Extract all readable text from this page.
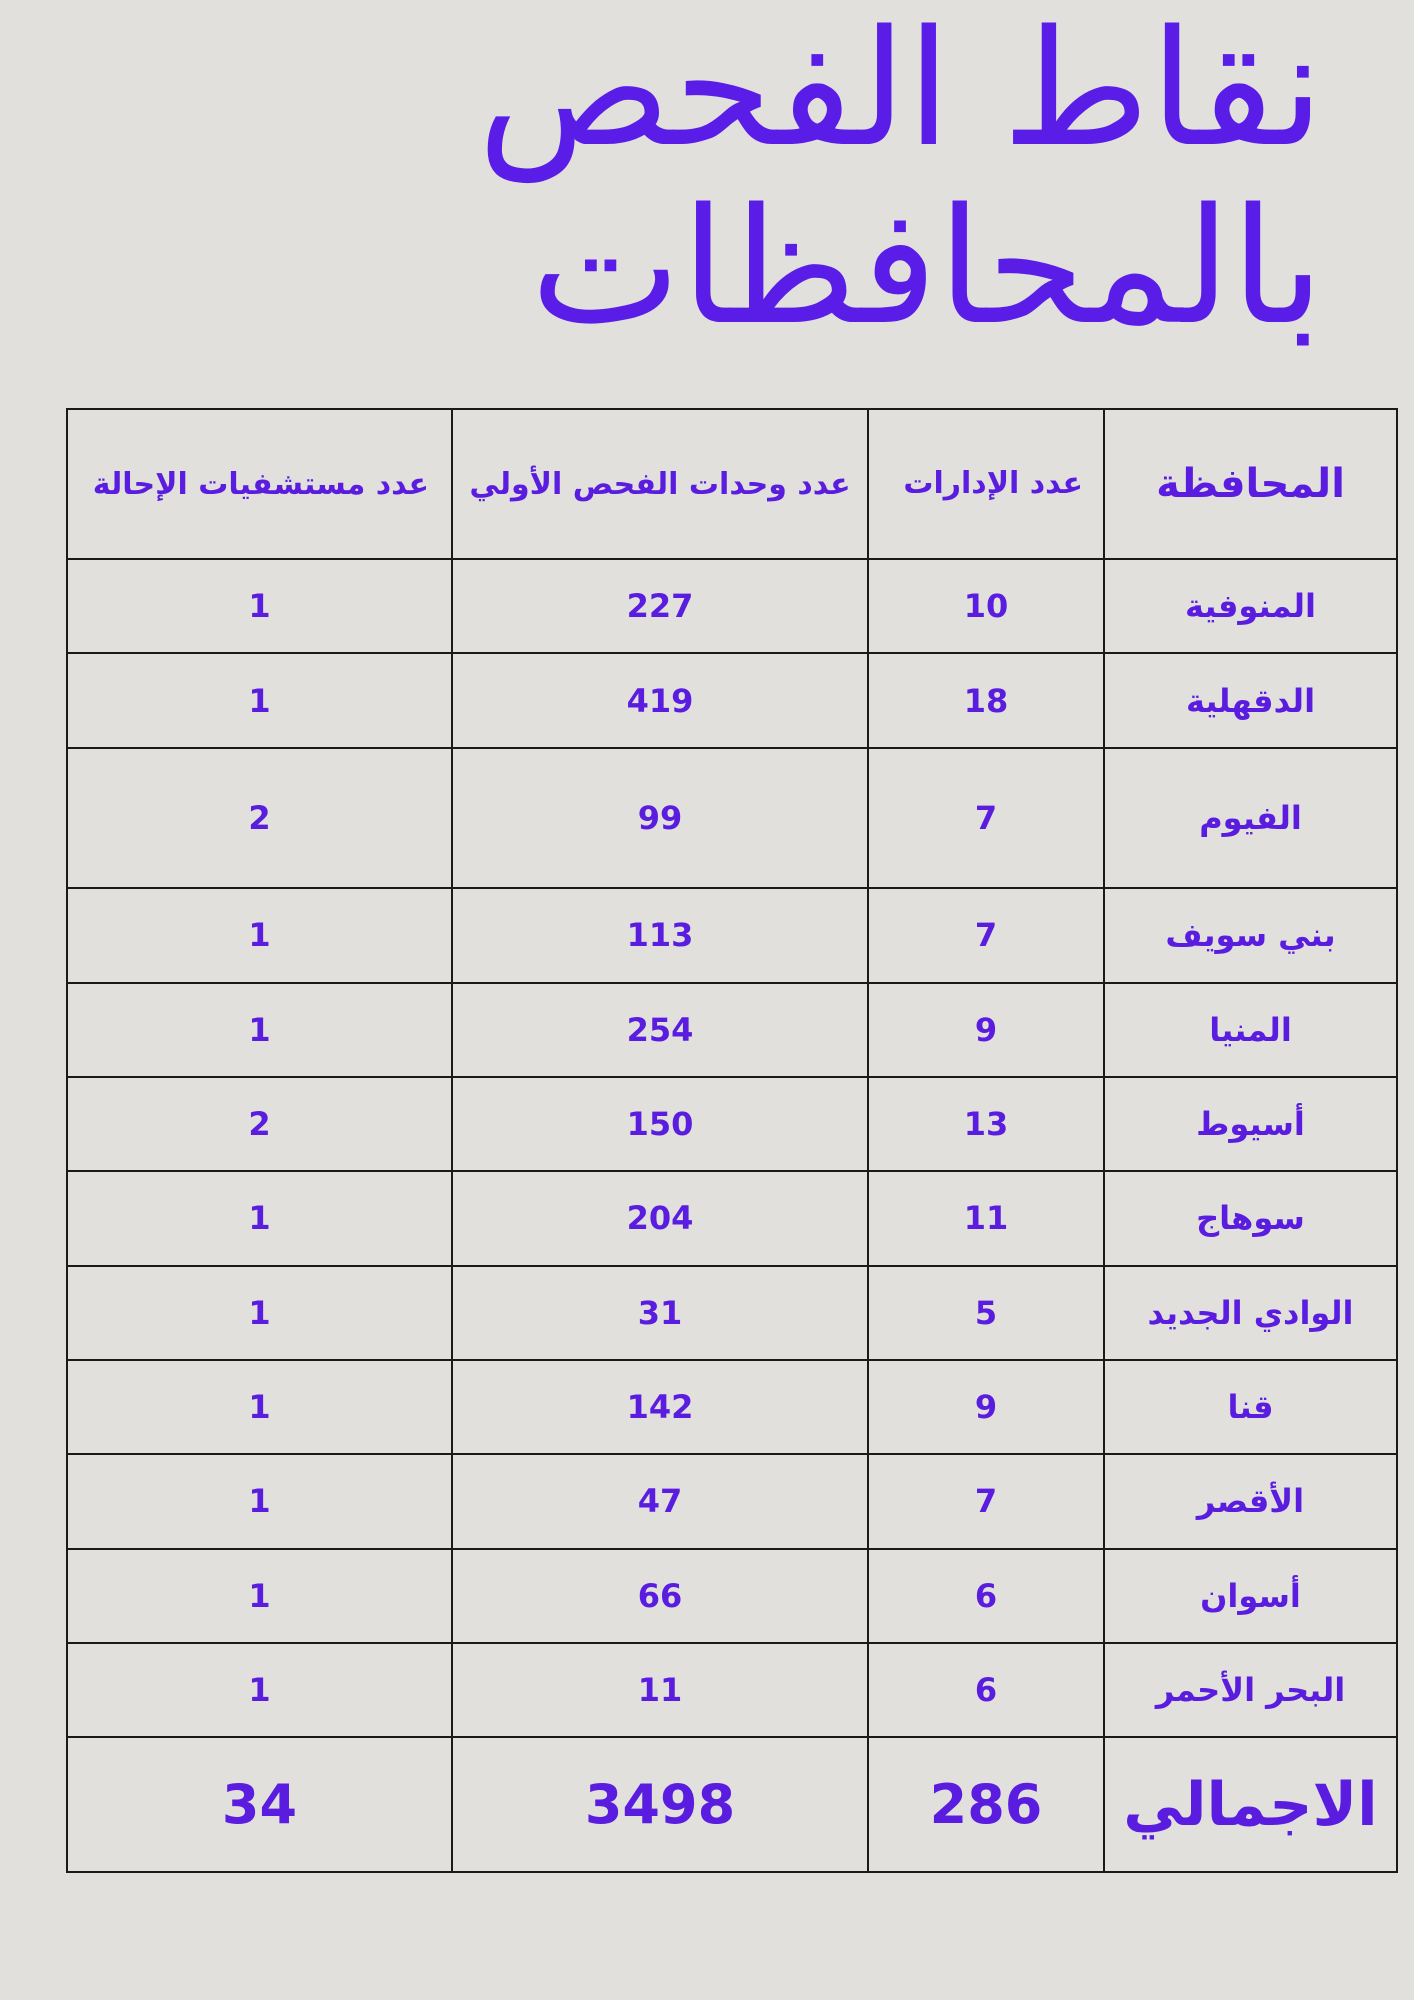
نقاط الفحص
بالمحافظات
المحافظة	عدد الإدارات	عدد وحدات الفحص الأولي	عدد مستشفيات الإحالة
المنوفية	10	227	1
الدقهلية	18	419	1
الفيوم	7	99	2
بني سويف	7	113	1
المنيا	9	254	1
أسيوط	13	150	2
سوهاج	11	204	1
الوادي الجديد	5	31	1
قنا	9	142	1
الأقصر	7	47	1
أسوان	6	66	1
البحر الأحمر	6	11	1
الاجمالي	286	3498	34
